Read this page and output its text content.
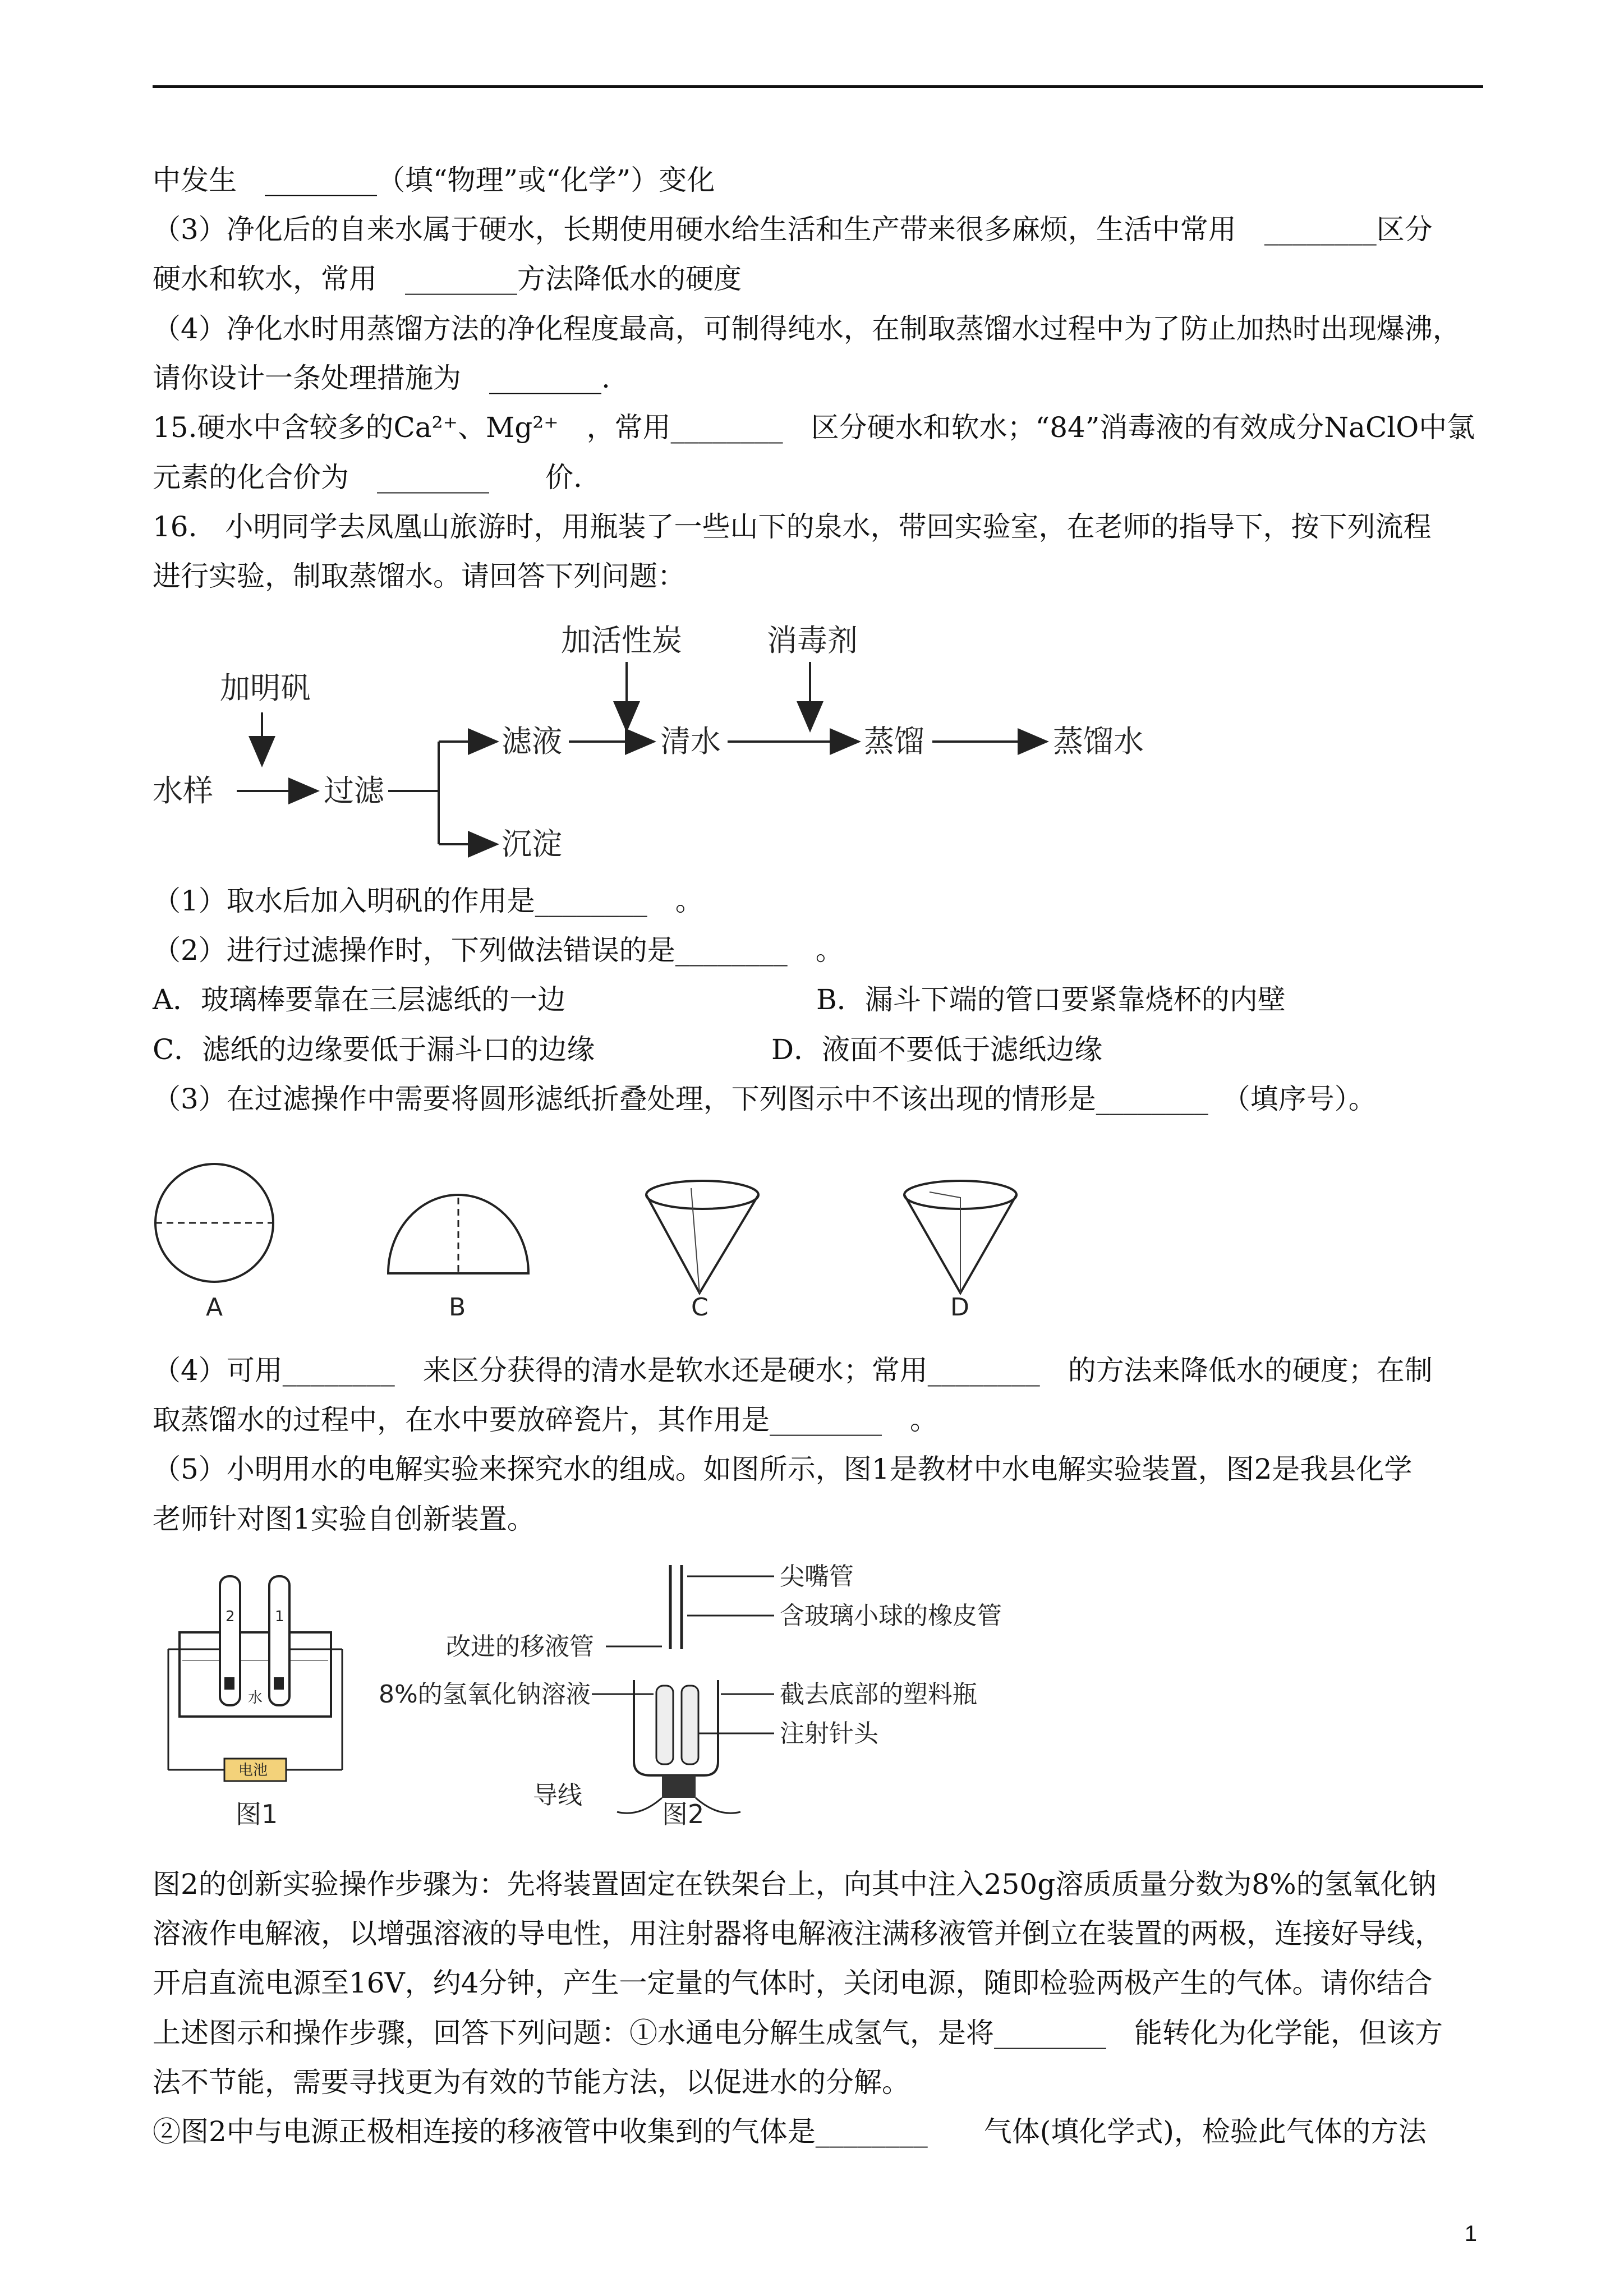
中发生　________（填“物理”或“化学”）变化
（3）净化后的自来水属于硬水，长期使用硬水给生活和生产带来很多麻烦，生活中常用　________区分
硬水和软水，常用　________方法降低水的硬度
（4）净化水时用蒸馏方法的净化程度最高，可制得纯水，在制取蒸馏水过程中为了防止加热时出现爆沸，
请你设计一条处理措施为　________.
15.硬水中含较多的Ca²⁺、Mg²⁺　，常用________　区分硬水和软水；“84”消毒液的有效成分NaClO中氯
元素的化合价为　________　　价.
16.　小明同学去凤凰山旅游时，用瓶装了一些山下的泉水，带回实验室，在老师的指导下，按下列流程
进行实验，制取蒸馏水。请回答下列问题：
加明矾
水样	过滤
滤液
沉淀
加活性炭
清水
消毒剂
蒸馏	蒸馏水
（1）取水后加入明矾的作用是________　。
（2）进行过滤操作时，下列做法错误的是________　。
A．玻璃棒要靠在三层滤纸的一边	B．漏斗下端的管口要紧靠烧杯的内壁
C．滤纸的边缘要低于漏斗口的边缘	D．液面不要低于滤纸边缘
（3）在过滤操作中需要将圆形滤纸折叠处理，下列图示中不该出现的情形是________　（填序号）。
A	B	C	D
（4）可用________　来区分获得的清水是软水还是硬水；常用________　的方法来降低水的硬度；在制
取蒸馏水的过程中，在水中要放碎瓷片，其作用是________　。
（5）小明用水的电解实验来探究水的组成。如图所示，图1是教材中水电解实验装置，图2是我县化学
老师针对图1实验自创新装置。
2	1
水
电池
图1
尖嘴管
含玻璃小球的橡皮管
改进的移液管
8%的氢氧化钠溶液	截去底部的塑料瓶
注射针头
导线
图2
图2的创新实验操作步骤为：先将装置固定在铁架台上，向其中注入250g溶质质量分数为8%的氢氧化钠
溶液作电解液，以增强溶液的导电性，用注射器将电解液注满移液管并倒立在装置的两极，连接好导线，
开启直流电源至16V，约4分钟，产生一定量的气体时，关闭电源，随即检验两极产生的气体。请你结合
上述图示和操作步骤，回答下列问题：①水通电分解生成氢气，是将________　能转化为化学能，但该方
法不节能，需要寻找更为有效的节能方法，以促进水的分解。
②图2中与电源正极相连接的移液管中收集到的气体是________　　气体(填化学式)，检验此气体的方法
1
